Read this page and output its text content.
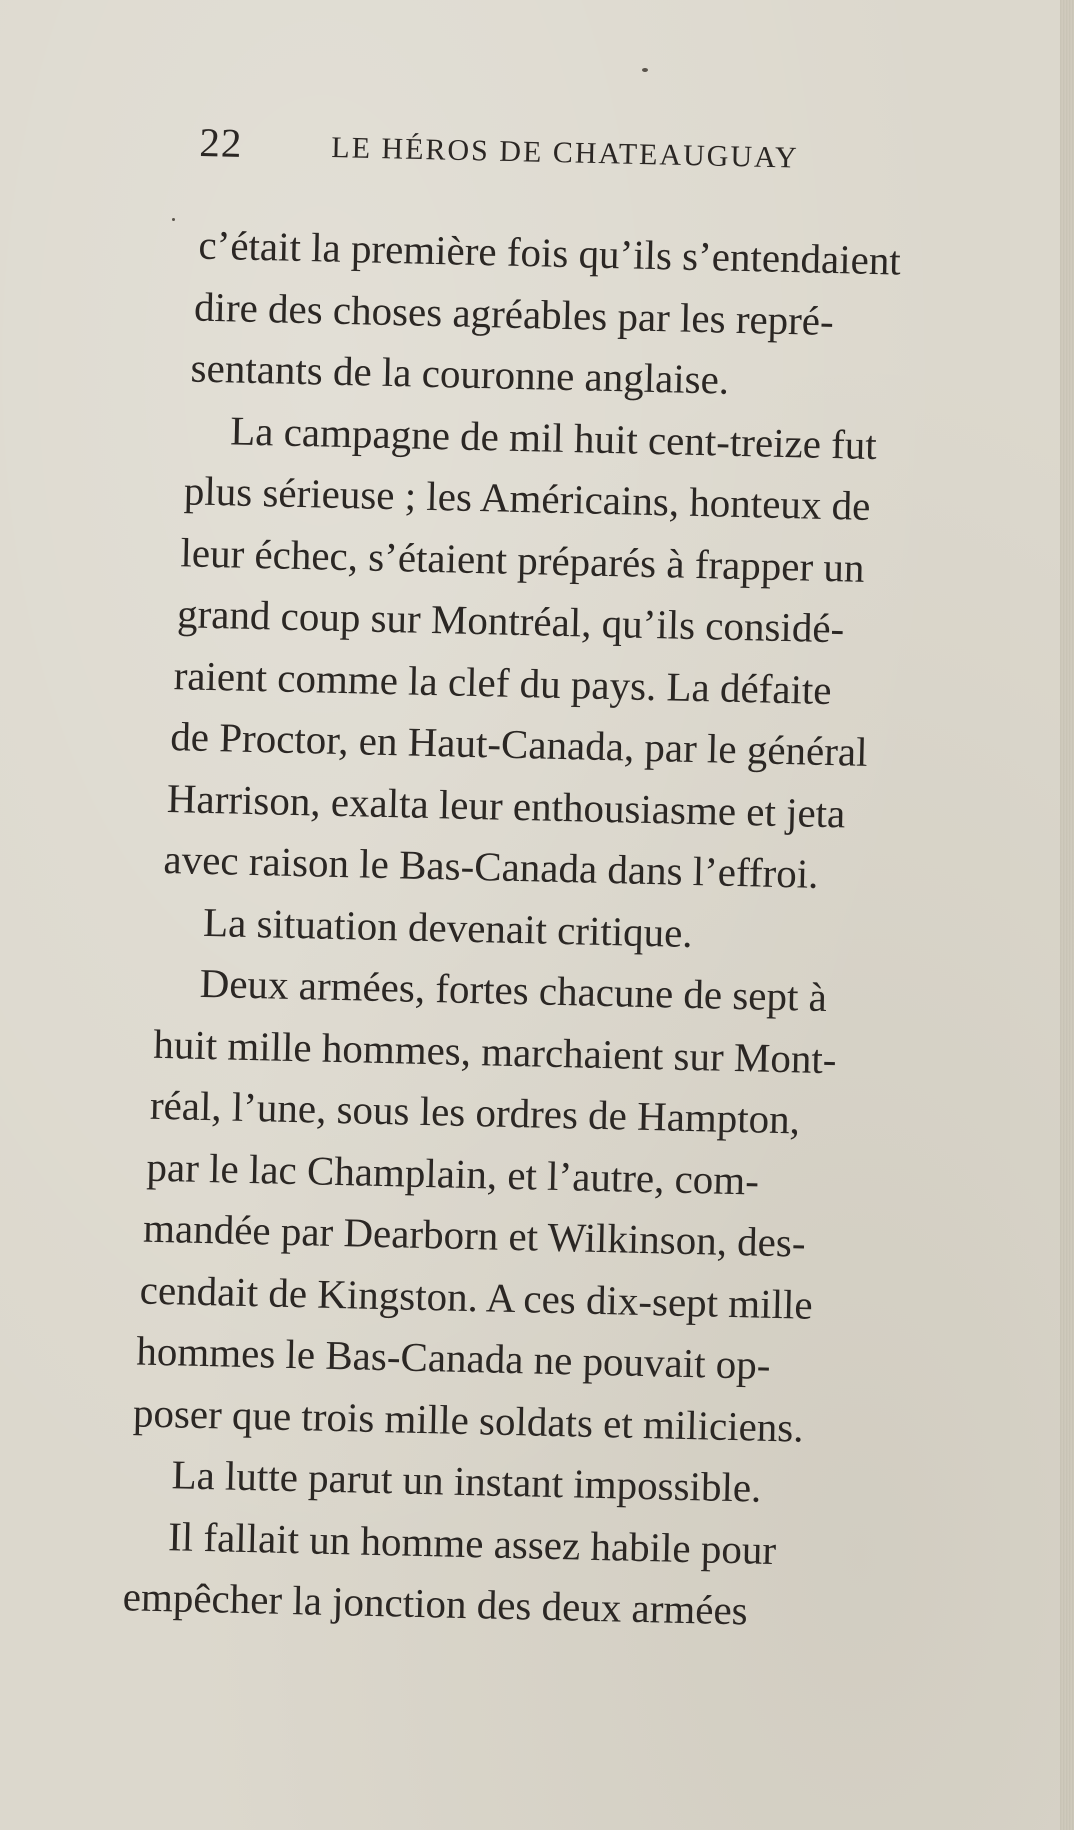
22	LE HÉROS DE CHATEAUGUAY
c’était la première fois qu’ils s’entendaient
dire des choses agréables par les repré-
sentants de la couronne anglaise.
La campagne de mil huit cent-treize fut
plus sérieuse ; les Américains, honteux de
leur échec, s’étaient préparés à frapper un
grand coup sur Montréal, qu’ils considé-
raient comme la clef du pays. La défaite
de Proctor, en Haut-Canada, par le général
Harrison, exalta leur enthousiasme et jeta
avec raison le Bas-Canada dans l’effroi.
La situation devenait critique.
Deux armées, fortes chacune de sept à
huit mille hommes, marchaient sur Mont-
réal, l’une, sous les ordres de Hampton,
par le lac Champlain, et l’autre, com-
mandée par Dearborn et Wilkinson, des-
cendait de Kingston. A ces dix-sept mille
hommes le Bas-Canada ne pouvait op-
poser que trois mille soldats et miliciens.
La lutte parut un instant impossible.
Il fallait un homme assez habile pour
empêcher la jonction des deux armées
